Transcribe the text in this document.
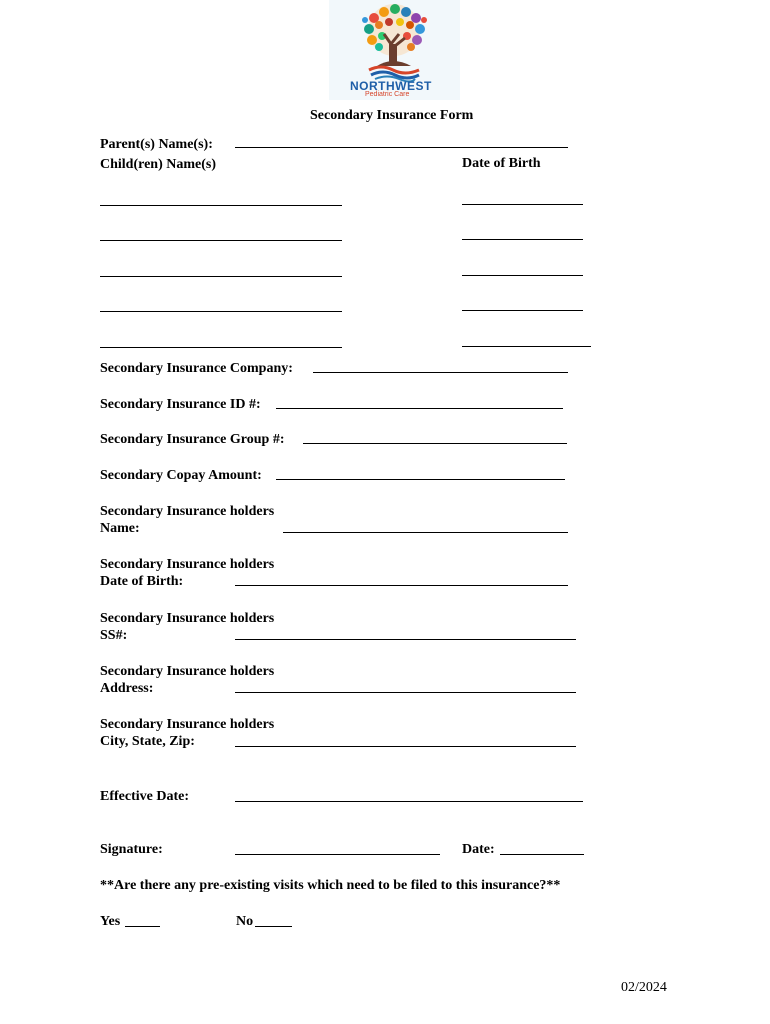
NORTHWEST
Pediatric Care
Secondary Insurance Form
Parent(s) Name(s):
Child(ren) Name(s)	Date of Birth
Secondary Insurance Company:
Secondary Insurance ID #:
Secondary Insurance Group #:
Secondary Copay Amount:
Secondary Insurance holders
Name:
Secondary Insurance holders
Date of Birth:
Secondary Insurance holders
SS#:
Secondary Insurance holders
Address:
Secondary Insurance holders
City, State, Zip:
Effective Date:
Signature:	Date:
**Are there any pre-existing visits which need to be filed to this insurance?**
Yes	No
02/2024
